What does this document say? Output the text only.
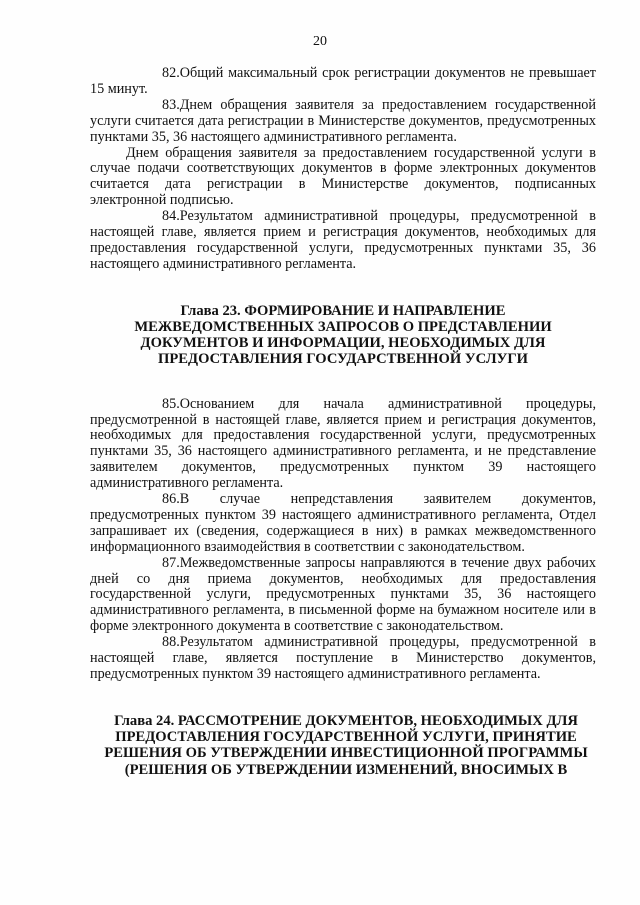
20

82.Общий максимальный срок регистрации документов не превышает 15 минут.

83.Днем обращения заявителя за предоставлением государственной услуги считается дата регистрации в Министерстве документов, предусмотренных пунктами 35, 36 настоящего административного регламента.

Днем обращения заявителя за предоставлением государственной услуги в случае подачи соответствующих документов в форме электронных документов считается дата регистрации в Министерстве документов, подписанных электронной подписью.

84.Результатом административной процедуры, предусмотренной в настоящей главе, является прием и регистрация документов, необходимых для предоставления государственной услуги, предусмотренных пунктами 35, 36 настоящего административного регламента.

Глава 23. ФОРМИРОВАНИЕ И НАПРАВЛЕНИЕ МЕЖВЕДОМСТВЕННЫХ ЗАПРОСОВ О ПРЕДСТАВЛЕНИИ ДОКУМЕНТОВ И ИНФОРМАЦИИ, НЕОБХОДИМЫХ ДЛЯ ПРЕДОСТАВЛЕНИЯ ГОСУДАРСТВЕННОЙ УСЛУГИ

85.Основанием для начала административной процедуры, предусмотренной в настоящей главе, является прием и регистрация документов, необходимых для предоставления государственной услуги, предусмотренных пунктами 35, 36 настоящего административного регламента, и не представление заявителем документов, предусмотренных пунктом 39 настоящего административного регламента.

86.В случае непредставления заявителем документов, предусмотренных пунктом 39 настоящего административного регламента, Отдел запрашивает их (сведения, содержащиеся в них) в рамках межведомственного информационного взаимодействия в соответствии с законодательством.

87.Межведомственные запросы направляются в течение двух рабочих дней со дня приема документов, необходимых для предоставления государственной услуги, предусмотренных пунктами 35, 36 настоящего административного регламента, в письменной форме на бумажном носителе или в форме электронного документа в соответствие с законодательством.

88.Результатом административной процедуры, предусмотренной в настоящей главе, является поступление в Министерство документов, предусмотренных пунктом 39 настоящего административного регламента.

Глава 24. РАССМОТРЕНИЕ ДОКУМЕНТОВ, НЕОБХОДИМЫХ ДЛЯ ПРЕДОСТАВЛЕНИЯ ГОСУДАРСТВЕННОЙ УСЛУГИ, ПРИНЯТИЕ РЕШЕНИЯ ОБ УТВЕРЖДЕНИИ ИНВЕСТИЦИОННОЙ ПРОГРАММЫ (РЕШЕНИЯ ОБ УТВЕРЖДЕНИИ ИЗМЕНЕНИЙ, ВНОСИМЫХ В
